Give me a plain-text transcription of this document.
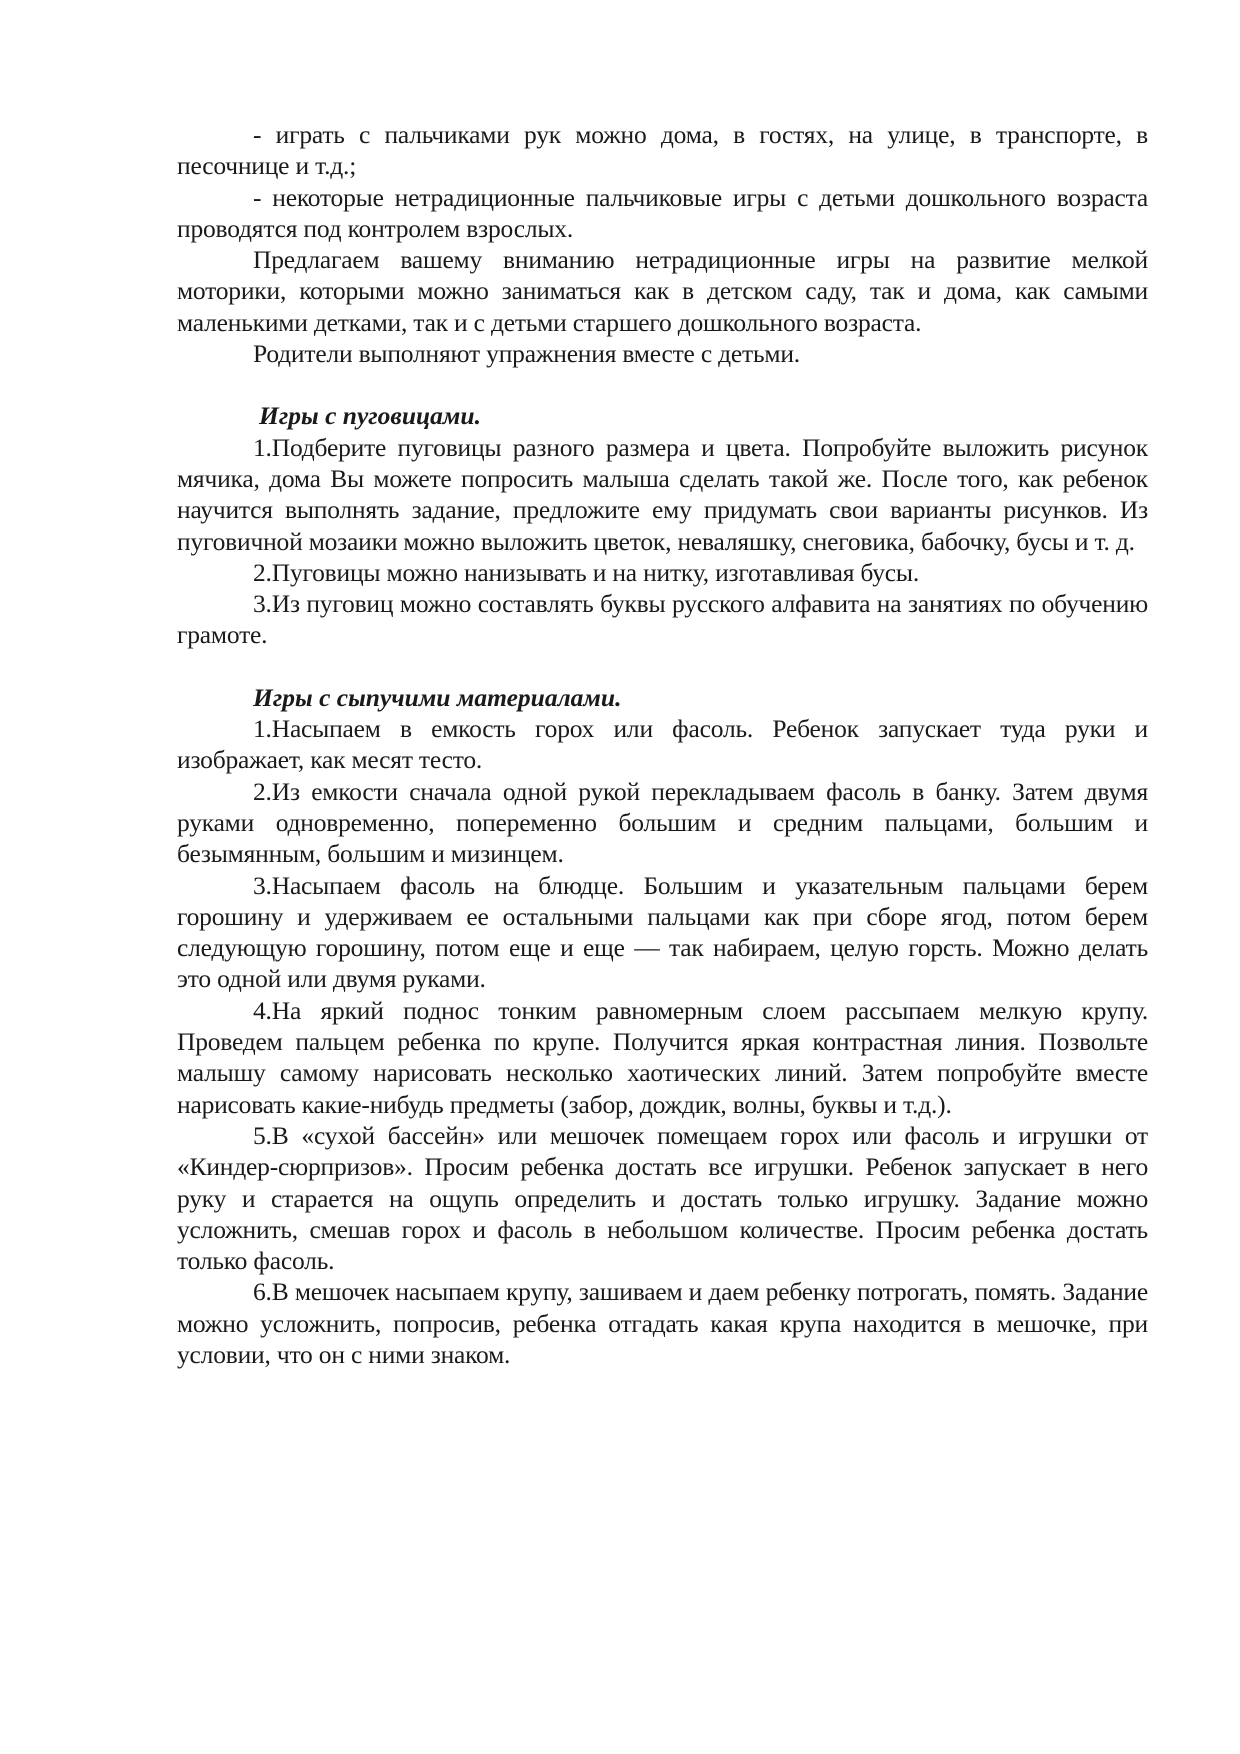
- играть с пальчиками рук можно дома, в гостях, на улице, в транспорте, в песочнице и т.д.;

- некоторые нетрадиционные пальчиковые игры с детьми дошкольного возраста проводятся под контролем взрослых.

Предлагаем вашему вниманию нетрадиционные игры на развитие мелкой моторики, которыми можно заниматься как в детском саду, так и дома, как самыми маленькими детками, так и с детьми старшего дошкольного возраста.

Родители выполняют упражнения вместе с детьми.

Игры с пуговицами.

1.Подберите пуговицы разного размера и цвета. Попробуйте выложить рисунок мячика, дома Вы можете попросить малыша сделать такой же. После того, как ребенок научится выполнять задание, предложите ему придумать свои варианты рисунков. Из пуговичной мозаики можно выложить цветок, неваляшку, снеговика, бабочку, бусы и т. д.

2.Пуговицы можно нанизывать и на нитку, изготавливая бусы.

3.Из пуговиц можно составлять буквы русского алфавита на занятиях по обучению грамоте.

Игры с сыпучими материалами.

1.Насыпаем в емкость горох или фасоль. Ребенок запускает туда руки и изображает, как месят тесто.

2.Из емкости сначала одной рукой перекладываем фасоль в банку. Затем двумя руками одновременно, попеременно большим и средним пальцами, большим и безымянным, большим и мизинцем.

3.Насыпаем фасоль на блюдце. Большим и указательным пальцами берем горошину и удерживаем ее остальными пальцами как при сборе ягод, потом берем следующую горошину, потом еще и еще — так набираем, целую горсть. Можно делать это одной или двумя руками.

4.На яркий поднос тонким равномерным слоем рассыпаем мелкую крупу. Проведем пальцем ребенка по крупе. Получится яркая контрастная линия. Позвольте малышу самому нарисовать несколько хаотических линий. Затем попробуйте вместе нарисовать какие-нибудь предметы (забор, дождик, волны, буквы и т.д.).

5.В «сухой бассейн» или мешочек помещаем горох или фасоль и игрушки от «Киндер-сюрпризов». Просим ребенка достать все игрушки. Ребенок запускает в него руку и старается на ощупь определить и достать только игрушку. Задание можно усложнить, смешав горох и фасоль в небольшом количестве. Просим ребенка достать только фасоль.

6.В мешочек насыпаем крупу, зашиваем и даем ребенку потрогать, помять. Задание можно усложнить, попросив, ребенка отгадать какая крупа находится в мешочке, при условии, что он с ними знаком.
